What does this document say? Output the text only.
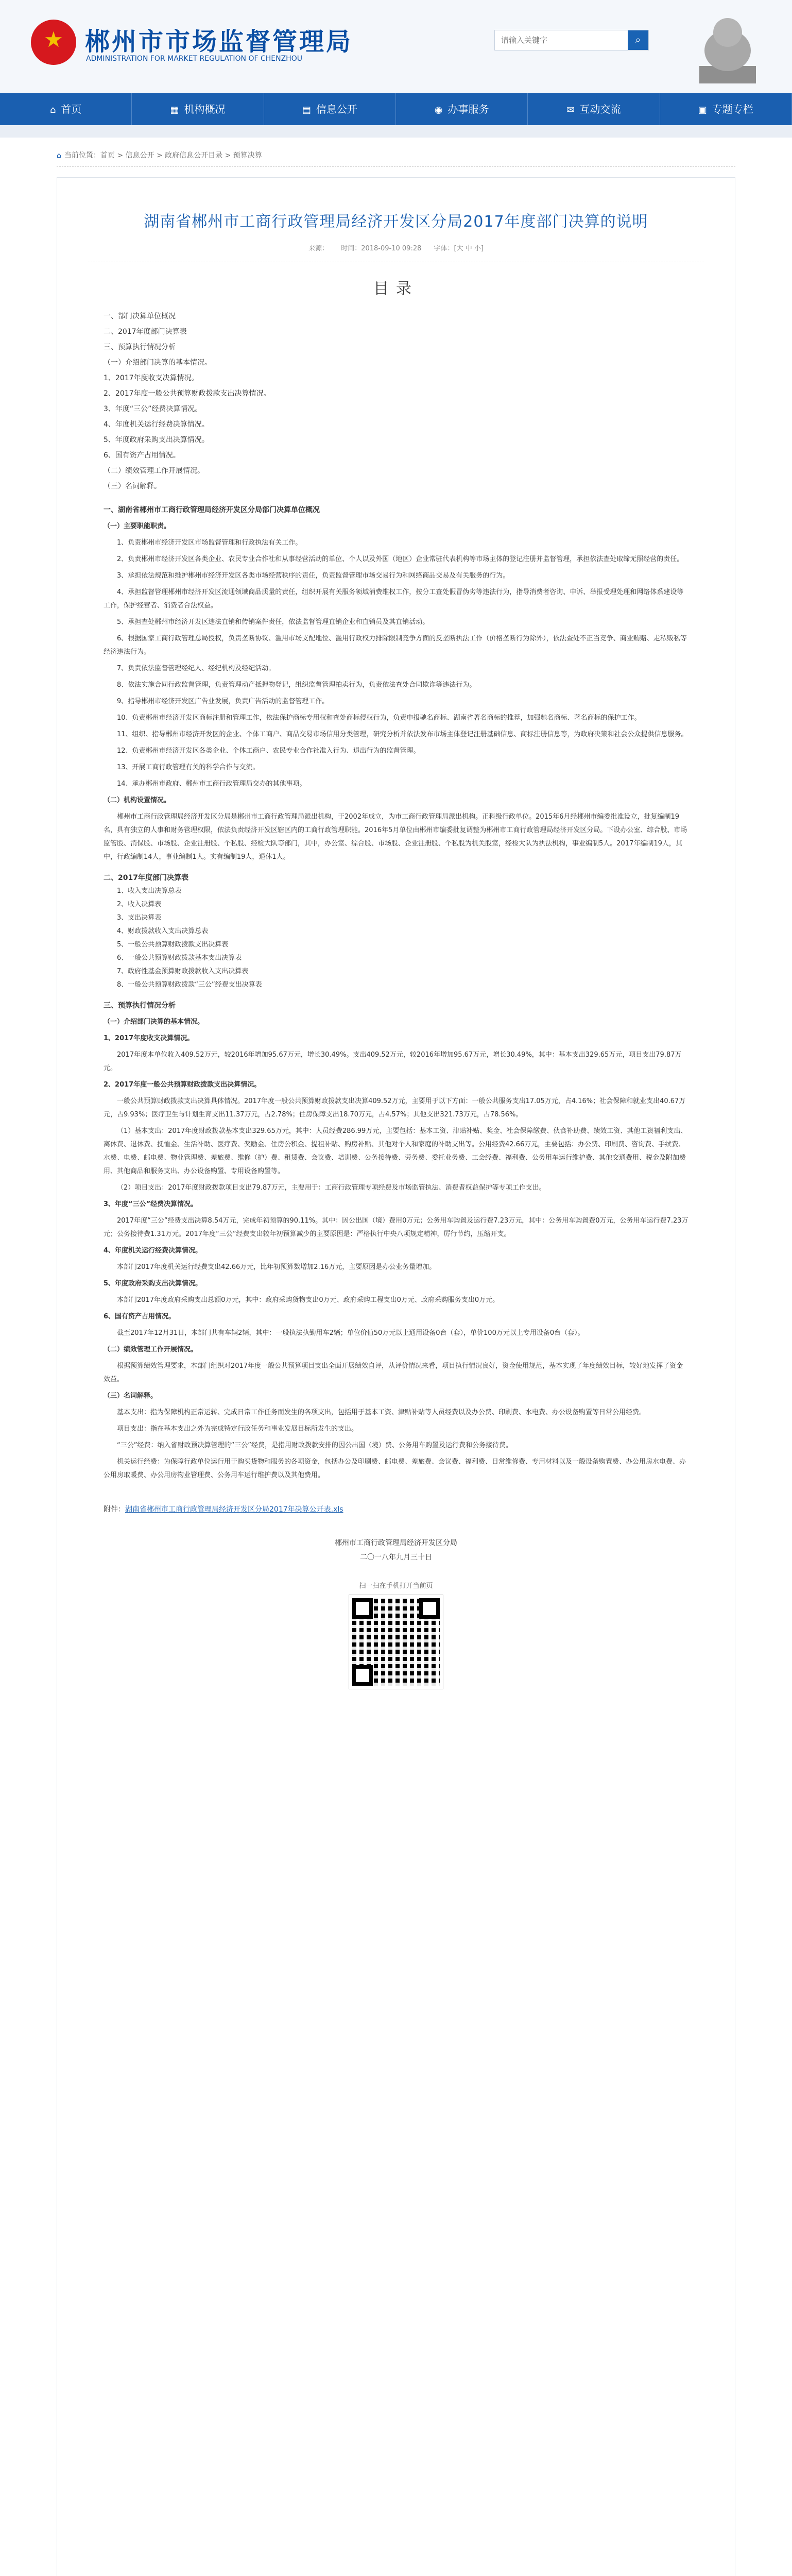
★ 郴州市市场监督管理局
ADMINISTRATION FOR MARKET REGULATION OF CHENZHOU
请输入关键字
⌕
⌂ 首页	▦ 机构概况	▤ 信息公开	◉ 办事服务	✉ 互动交流	▣ 专题专栏
⌂ 当前位置：首页 > 信息公开 > 政府信息公开目录 > 预算决算
湖南省郴州市工商行政管理局经济开发区分局2017年度部门决算的说明
来源： 时间：2018-09-10 09:28 字体：[大 中 小]
目录
一、部门决算单位概况
二、2017年度部门决算表
三、预算执行情况分析
（一）介绍部门决算的基本情况。
1、2017年度收支决算情况。
2、2017年度一般公共预算财政拨款支出决算情况。
3、年度“三公”经费决算情况。
4、年度机关运行经费决算情况。
5、年度政府采购支出决算情况。
6、国有资产占用情况。
（二）绩效管理工作开展情况。
（三）名词解释。
一、湖南省郴州市工商行政管理局经济开发区分局部门决算单位概况
（一）主要职能职责。
1、负责郴州市经济开发区市场监督管理和行政执法有关工作。
2、负责郴州市经济开发区各类企业、农民专业合作社和从事经营活动的单位、个人以及外国（地区）企业常驻代表机构等市场主体的登记注册并监督管理，承担依法查处取缔无照经营的责任。
3、承担依法规范和维护郴州市经济开发区各类市场经营秩序的责任，负责监督管理市场交易行为和网络商品交易及有关服务的行为。
4、承担监督管理郴州市经济开发区流通领域商品质量的责任，组织开展有关服务领域消费维权工作，按分工查处假冒伪劣等违法行为，指导消费者咨询、申诉、举报受理处理和网络体系建设等工作，保护经营者、消费者合法权益。
5、承担查处郴州市经济开发区违法直销和传销案件责任，依法监督管理直销企业和直销员及其直销活动。
6、根据国家工商行政管理总局授权，负责垄断协议、滥用市场支配地位、滥用行政权力排除限制竞争方面的反垄断执法工作（价格垄断行为除外），依法查处不正当竞争、商业贿赂、走私贩私等经济违法行为。
7、负责依法监督管理经纪人、经纪机构及经纪活动。
8、依法实施合同行政监督管理，负责管理动产抵押物登记，组织监督管理拍卖行为，负责依法查处合同欺诈等违法行为。
9、指导郴州市经济开发区广告业发展，负责广告活动的监督管理工作。
10、负责郴州市经济开发区商标注册和管理工作，依法保护商标专用权和查处商标侵权行为，负责申报驰名商标、湖南省著名商标的推荐，加强驰名商标、著名商标的保护工作。
11、组织、指导郴州市经济开发区的企业、个体工商户、商品交易市场信用分类管理，研究分析并依法发布市场主体登记注册基础信息、商标注册信息等，为政府决策和社会公众提供信息服务。
12、负责郴州市经济开发区各类企业、个体工商户、农民专业合作社准入行为、退出行为的监督管理。
13、开展工商行政管理有关的科学合作与交流。
14、承办郴州市政府、郴州市工商行政管理局交办的其他事项。
（二）机构设置情况。
郴州市工商行政管理局经济开发区分局是郴州市工商行政管理局派出机构，于2002年成立，为市工商行政管理局派出机构。正科级行政单位。2015年6月经郴州市编委批准设立，批复编制19名，具有独立的人事和财务管理权限，依法负责经济开发区辖区内的工商行政管理职能。2016年5月单位由郴州市编委批复调整为郴州市工商行政管理局经济开发区分局。下设办公室、综合股、市场监管股、消保股、市场股、企业注册股、个私股、经检大队等部门，其中，办公室、综合股、市场股、企业注册股、个私股为机关股室，经检大队为执法机构，事业编制5人。2017年编制19人，其中，行政编制14人，事业编制1人。实有编制19人，退休1人。
二、2017年度部门决算表
1、收入支出决算总表
2、收入决算表
3、支出决算表
4、财政拨款收入支出决算总表
5、一般公共预算财政拨款支出决算表
6、一般公共预算财政拨款基本支出决算表
7、政府性基金预算财政拨款收入支出决算表
8、一般公共预算财政拨款“三公”经费支出决算表
三、预算执行情况分析
（一）介绍部门决算的基本情况。
1、2017年度收支决算情况。
2017年度本单位收入409.52万元，较2016年增加95.67万元，增长30.49%。支出409.52万元，较2016年增加95.67万元，增长30.49%，其中：基本支出329.65万元，项目支出79.87万元。
2、2017年度一般公共预算财政拨款支出决算情况。
一般公共预算财政拨款支出决算具体情况。2017年度一般公共预算财政拨款支出决算409.52万元，主要用于以下方面：一般公共服务支出17.05万元，占4.16%；社会保障和就业支出40.67万元，占9.93%；医疗卫生与计划生育支出11.37万元，占2.78%；住房保障支出18.70万元，占4.57%；其他支出321.73万元，占78.56%。
（1）基本支出：2017年度财政拨款基本支出329.65万元，其中：人员经费286.99万元，主要包括：基本工资、津贴补贴、奖金、社会保障缴费、伙食补助费、绩效工资、其他工资福利支出、离休费、退休费、抚恤金、生活补助、医疗费、奖励金、住房公积金、提租补贴、购房补贴、其他对个人和家庭的补助支出等。公用经费42.66万元，主要包括：办公费、印刷费、咨询费、手续费、水费、电费、邮电费、物业管理费、差旅费、维修（护）费、租赁费、会议费、培训费、公务接待费、劳务费、委托业务费、工会经费、福利费、公务用车运行维护费、其他交通费用、税金及附加费用、其他商品和服务支出、办公设备购置、专用设备购置等。
（2）项目支出：2017年度财政拨款项目支出79.87万元，主要用于：工商行政管理专项经费及市场监管执法、消费者权益保护等专项工作支出。
3、年度“三公”经费决算情况。
2017年度“三公”经费支出决算8.54万元，完成年初预算的90.11%。其中：因公出国（境）费用0万元；公务用车购置及运行费7.23万元，其中：公务用车购置费0万元，公务用车运行费7.23万元；公务接待费1.31万元。2017年度“三公”经费支出较年初预算减少的主要原因是：严格执行中央八项规定精神，厉行节约，压缩开支。
4、年度机关运行经费决算情况。
本部门2017年度机关运行经费支出42.66万元，比年初预算数增加2.16万元，主要原因是办公业务量增加。
5、年度政府采购支出决算情况。
本部门2017年度政府采购支出总额0万元，其中：政府采购货物支出0万元、政府采购工程支出0万元、政府采购服务支出0万元。
6、国有资产占用情况。
截至2017年12月31日，本部门共有车辆2辆，其中：一般执法执勤用车2辆；单位价值50万元以上通用设备0台（套），单价100万元以上专用设备0台（套）。
（二）绩效管理工作开展情况。
根据预算绩效管理要求，本部门组织对2017年度一般公共预算项目支出全面开展绩效自评，从评价情况来看，项目执行情况良好，资金使用规范，基本实现了年度绩效目标，较好地发挥了资金效益。
（三）名词解释。
基本支出：指为保障机构正常运转、完成日常工作任务而发生的各项支出，包括用于基本工资、津贴补贴等人员经费以及办公费、印刷费、水电费、办公设备购置等日常公用经费。
项目支出：指在基本支出之外为完成特定行政任务和事业发展目标所发生的支出。
“三公”经费：纳入省财政预决算管理的“三公”经费，是指用财政拨款安排的因公出国（境）费、公务用车购置及运行费和公务接待费。
机关运行经费：为保障行政单位运行用于购买货物和服务的各项资金，包括办公及印刷费、邮电费、差旅费、会议费、福利费、日常维修费、专用材料以及一般设备购置费、办公用房水电费、办公用房取暖费、办公用房物业管理费、公务用车运行维护费以及其他费用。
附件：湖南省郴州市工商行政管理局经济开发区分局2017年决算公开表.xls
郴州市工商行政管理局经济开发区分局
二〇一八年九月三十日
扫一扫在手机打开当前页
